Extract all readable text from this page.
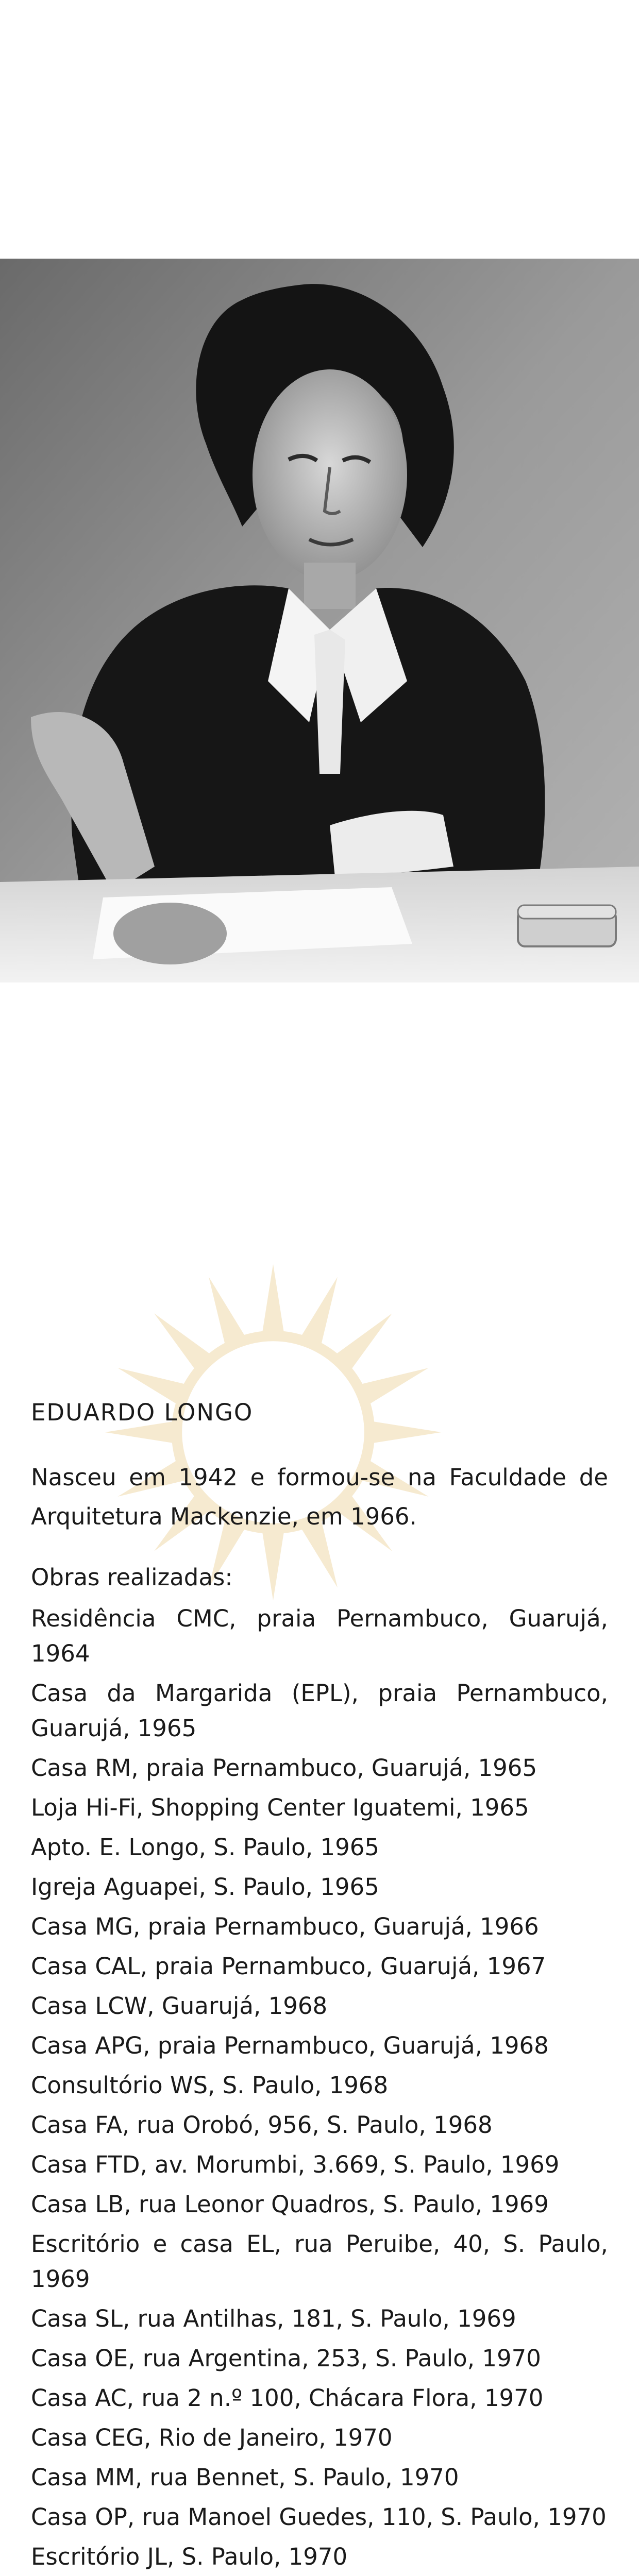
EDUARDO LONGO

Nasceu em 1942 e formou-se na Faculdade de Arquitetura Mackenzie, em 1966.

Obras realizadas:

Residência CMC, praia Pernambuco, Guarujá, 1964
Casa da Margarida (EPL), praia Pernambuco, Guarujá, 1965
Casa RM, praia Pernambuco, Guarujá, 1965
Loja Hi-Fi, Shopping Center Iguatemi, 1965
Apto. E. Longo, S. Paulo, 1965
Igreja Aguapei, S. Paulo, 1965
Casa MG, praia Pernambuco, Guarujá, 1966
Casa CAL, praia Pernambuco, Guarujá, 1967
Casa LCW, Guarujá, 1968
Casa APG, praia Pernambuco, Guarujá, 1968
Consultório WS, S. Paulo, 1968
Casa FA, rua Orobó, 956, S. Paulo, 1968
Casa FTD, av. Morumbi, 3.669, S. Paulo, 1969
Casa LB, rua Leonor Quadros, S. Paulo, 1969
Escritório e casa EL, rua Peruibe, 40, S. Paulo, 1969
Casa SL, rua Antilhas, 181, S. Paulo, 1969
Casa OE, rua Argentina, 253, S. Paulo, 1970
Casa AC, rua 2 n.º 100, Chácara Flora, 1970
Casa CEG, Rio de Janeiro, 1970
Casa MM, rua Bennet, S. Paulo, 1970
Casa OP, rua Manoel Guedes, 110, S. Paulo, 1970
Escritório JL, S. Paulo, 1970
